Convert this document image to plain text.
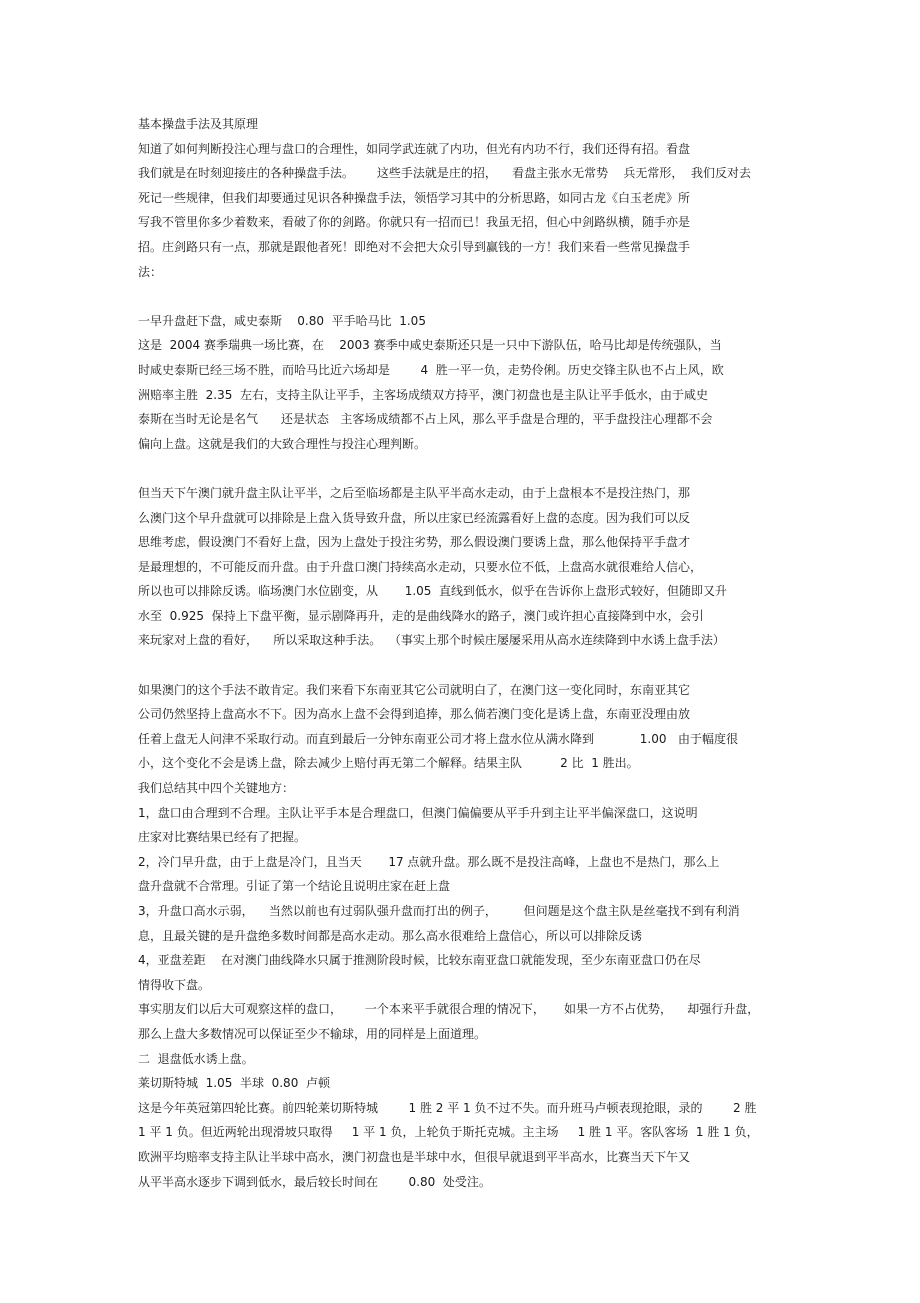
基本操盘手法及其原理
知道了如何判断投注心理与盘口的合理性，如同学武连就了内功，但光有内功不行，我们还得有招。看盘
我们就是在时刻迎接庄的各种操盘手法。      这些手法就是庄的招，    看盘主张水无常势    兵无常形，  我们反对去
死记一些规律，但我们却要通过见识各种操盘手法，领悟学习其中的分析思路，如同古龙《白玉老虎》所
写我不管里你多少着数来，看破了你的剑路。你就只有一招而已！我虽无招，但心中剑路纵横，随手亦是
招。庄剑路只有一点，那就是跟他者死！即绝对不会把大众引导到赢钱的一方！我们来看一些常见操盘手
法：
一早升盘赶下盘，咸史泰斯    0.80  平手哈马比  1.05
这是  2004 赛季瑞典一场比赛，在    2003 赛季中咸史泰斯还只是一只中下游队伍，哈马比却是传统强队，当
时咸史泰斯已经三场不胜，而哈马比近六场却是        4  胜一平一负，走势伶俐。历史交锋主队也不占上风，欧
洲赔率主胜  2.35  左右，支持主队让平手，主客场成绩双方持平，澳门初盘也是主队让平手低水，由于咸史
泰斯在当时无论是名气      还是状态   主客场成绩都不占上风，那么平手盘是合理的，平手盘投注心理都不会
偏向上盘。这就是我们的大致合理性与投注心理判断。
但当天下午澳门就升盘主队让平半，之后至临场都是主队平半高水走动，由于上盘根本不是投注热门，那
么澳门这个早升盘就可以排除是上盘入货导致升盘，所以庄家已经流露看好上盘的态度。因为我们可以反
思维考虑，假设澳门不看好上盘，因为上盘处于投注劣势，那么假设澳门要诱上盘，那么他保持平手盘才
是最理想的，不可能反而升盘。由于升盘口澳门持续高水走动，只要水位不低，上盘高水就很难给人信心，
所以也可以排除反诱。临场澳门水位剧变，从       1.05  直线到低水，似乎在告诉你上盘形式较好，但随即又升
水至  0.925  保持上下盘平衡，显示剧降再升，走的是曲线降水的路子，澳门或许担心直接降到中水，会引
来玩家对上盘的看好，    所以采取这种手法。  （事实上那个时候庄屡屡采用从高水连续降到中水诱上盘手法）
如果澳门的这个手法不敢肯定。我们来看下东南亚其它公司就明白了，在澳门这一变化同时，东南亚其它
公司仍然坚持上盘高水不下。因为高水上盘不会得到追捧，那么倘若澳门变化是诱上盘，东南亚没理由放
任着上盘无人问津不采取行动。而直到最后一分钟东南亚公司才将上盘水位从满水降到            1.00   由于幅度很
小，这个变化不会是诱上盘，除去减少上赔付再无第二个解释。结果主队          2 比  1 胜出。
我们总结其中四个关键地方：
1，盘口由合理到不合理。主队让平手本是合理盘口，但澳门偏偏要从平手升到主让平半偏深盘口，这说明
庄家对比赛结果已经有了把握。
2，冷门早升盘，由于上盘是冷门，且当天       17 点就升盘。那么既不是投注高峰，上盘也不是热门，那么上
盘升盘就不合常理。引证了第一个结论且说明庄家在赶上盘
3，升盘口高水示弱，    当然以前也有过弱队强升盘而打出的例子，       但问题是这个盘主队是丝毫找不到有利消
息，且最关键的是升盘绝多数时间都是高水走动。那么高水很难给上盘信心，所以可以排除反诱
4，亚盘差距    在对澳门曲线降水只属于推测阶段时候，比较东南亚盘口就能发现，至少东南亚盘口仍在尽
情得收下盘。
事实朋友们以后大可观察这样的盘口，      一个本来平手就很合理的情况下，     如果一方不占优势，    却强行升盘，
那么上盘大多数情况可以保证至少不输球，用的同样是上面道理。
二  退盘低水诱上盘。
莱切斯特城  1.05  半球  0.80  卢顿
这是今年英冠第四轮比赛。前四轮莱切斯特城        1 胜 2 平 1 负不过不失。而升班马卢顿表现抢眼，录的        2 胜
1 平 1 负。但近两轮出现滑坡只取得     1 平 1 负，上轮负于斯托克城。主主场     1 胜 1 平。客队客场  1 胜 1 负，
欧洲平均赔率支持主队让半球中高水，澳门初盘也是半球中水，但很早就退到平半高水，比赛当天下午又
从平半高水逐步下调到低水，最后较长时间在        0.80  处受注。
